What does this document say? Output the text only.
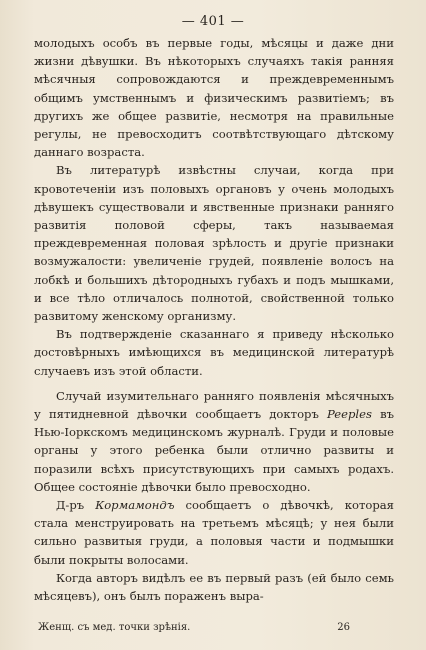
— 401 —

молодыхъ особъ въ первые годы, мѣсяцы и даже дни жизни дѣвушки. Въ нѣкоторыхъ случаяхъ такія ранняя мѣсячныя сопровождаются и преждевременнымъ общимъ умственнымъ и физическимъ развитіемъ; въ другихъ же общее развитіе, несмотря на правильные регулы, не превосходитъ соотвѣтствующаго дѣтскому даннаго возраста.

Въ литературѣ извѣстны случаи, когда при кровотеченіи изъ половыхъ органовъ у очень молодыхъ дѣвушекъ существовали и явственные признаки ранняго развитія половой сферы, такъ называемая преждевременная половая зрѣлость и другіе признаки возмужалости: увеличеніе грудей, появленіе волосъ на лобкѣ и большихъ дѣтородныхъ губахъ и подъ мышками, и все тѣло отличалось полнотой, свойственной только развитому женскому организму.

Въ подтвержденіе сказаннаго я приведу нѣсколько достовѣрныхъ имѣющихся въ медицинской литературѣ случаевъ изъ этой области.

Случай изумительнаго ранняго появленія мѣсячныхъ у пятидневной дѣвочки сообщаетъ докторъ Peeples въ Нью-Іоркскомъ медицинскомъ журналѣ. Груди и половые органы у этого ребенка были отлично развиты и поразили всѣхъ присутствующихъ при самыхъ родахъ. Общее состояніе дѣвочки было превосходно.

Д-ръ Кормамондъ сообщаетъ о дѣвочкѣ, которая стала менструировать на третьемъ мѣсяцѣ; у нея были сильно развитыя груди, а половыя части и подмышки были покрыты волосами.

Когда авторъ видѣлъ ее въ первый разъ (ей было семь мѣсяцевъ), онъ былъ пораженъ выра-

Женщ. съ мед. точки зрѣнія.	26
